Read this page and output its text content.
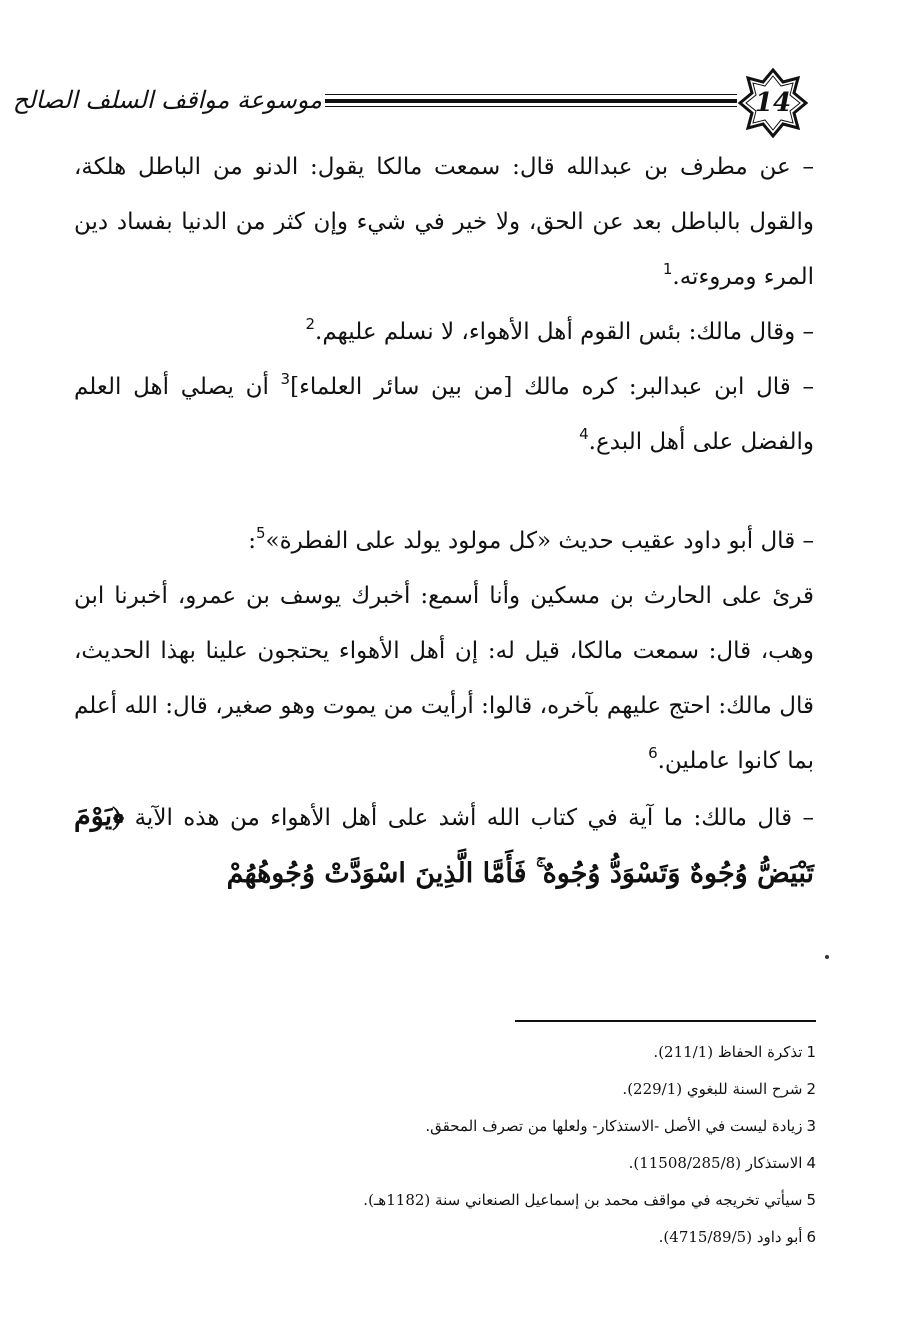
14
موسوعة مواقف السلف الصالح

– عن مطرف بن عبدالله قال: سمعت مالكا يقول: الدنو من الباطل هلكة، والقول بالباطل بعد عن الحق، ولا خير في شيء وإن كثر من الدنيا بفساد دين المرء ومروءته.$^1$

– وقال مالك: بئس القوم أهل الأهواء، لا نسلم عليهم.$^2$

– قال ابن عبدالبر: كره مالك [من بين سائر العلماء]$^3$ أن يصلي أهل العلم والفضل على أهل البدع.$^4$

– قال أبو داود عقيب حديث «كل مولود يولد على الفطرة»$^5$:

قرئ على الحارث بن مسكين وأنا أسمع: أخبرك يوسف بن عمرو، أخبرنا ابن وهب، قال: سمعت مالكا، قيل له: إن أهل الأهواء يحتجون علينا بهذا الحديث، قال مالك: احتج عليهم بآخره، قالوا: أرأيت من يموت وهو صغير، قال: الله أعلم بما كانوا عاملين.$^6$

– قال مالك: ما آية في كتاب الله أشد على أهل الأهواء من هذه الآية ﴿يَوْمَ تَبْيَضُّ وُجُوهٌ وَتَسْوَدُّ وُجُوهٌ ۚ فَأَمَّا الَّذِينَ اسْوَدَّتْ وُجُوهُهُمْ

1تذكرة الحفاظ (211/1).
2شرح السنة للبغوي (229/1).
3زيادة ليست في الأصل -الاستذكار- ولعلها من تصرف المحقق.
4الاستذكار (11508/285/8).
5سيأتي تخريجه في مواقف محمد بن إسماعيل الصنعاني سنة (1182هـ).
6أبو داود (4715/89/5).
